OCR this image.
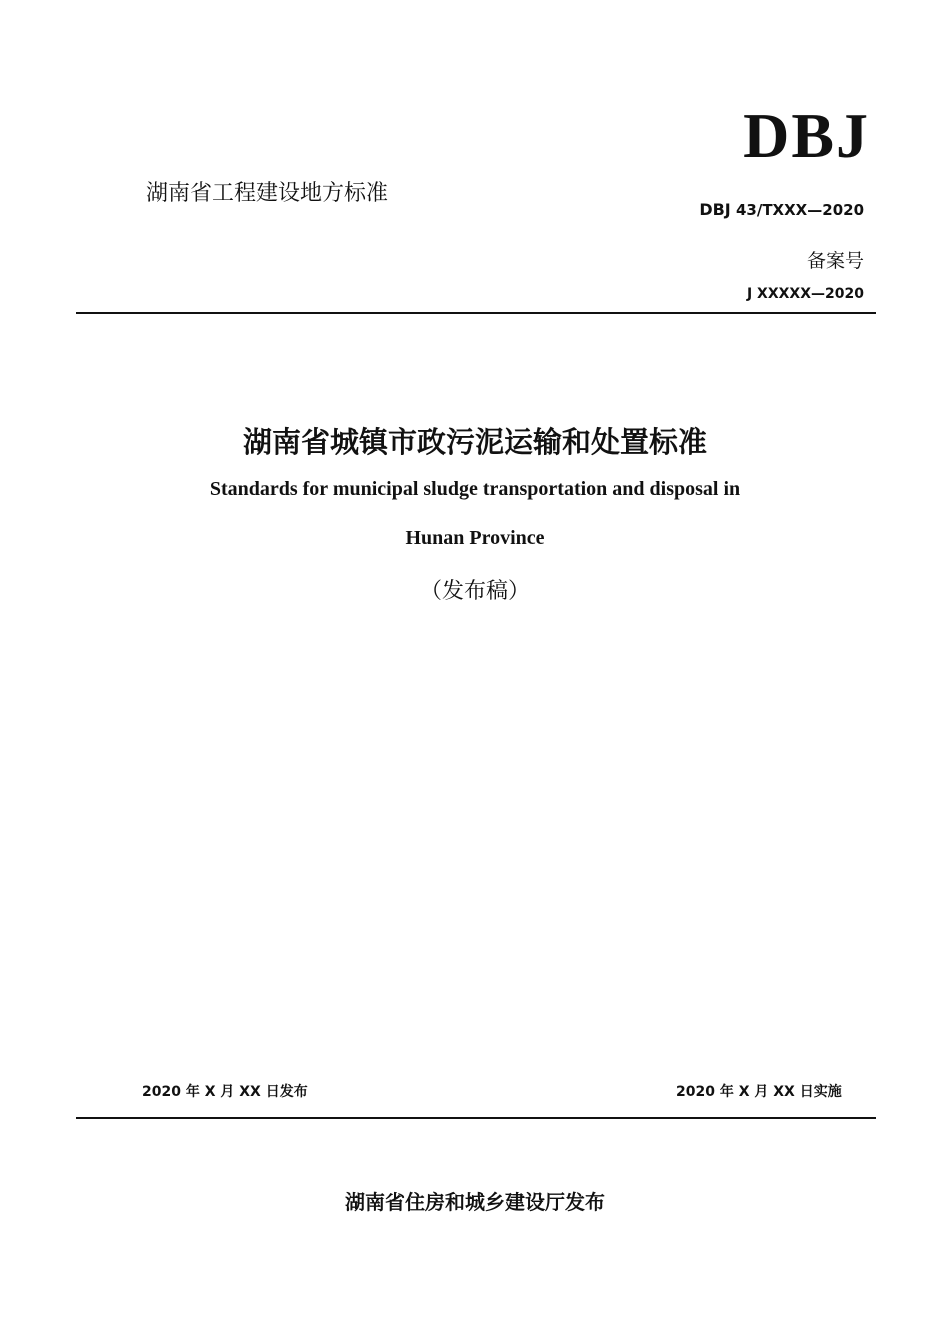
DBJ
湖南省工程建设地方标准
DBJ 43/TXXX—2020
备案号
J XXXXX—2020
湖南省城镇市政污泥运输和处置标准
Standards for municipal sludge transportation and disposal in
Hunan Province
（发布稿）
2020 年 X 月 XX 日发布	2020 年 X 月 XX 日实施
湖南省住房和城乡建设厅发布
